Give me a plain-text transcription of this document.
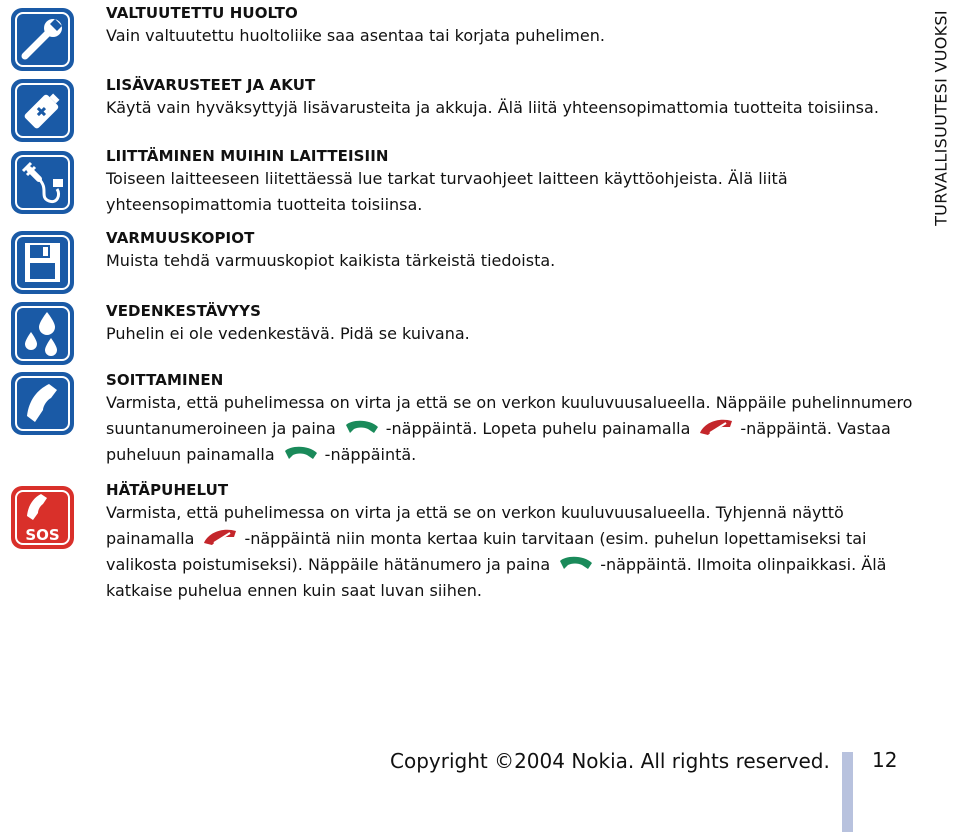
TURVALLISUUTESI VUOKSI
SOS
VALTUUTETTU HUOLTO
Vain valtuutettu huoltoliike saa asentaa tai korjata puhelimen.
LISÄVARUSTEET JA AKUT
Käytä vain hyväksyttyjä lisävarusteita ja akkuja. Älä liitä yhteensopimattomia tuotteita toisiinsa.
LIITTÄMINEN MUIHIN LAITTEISIIN
Toiseen laitteeseen liitettäessä lue tarkat turvaohjeet laitteen käyttöohjeista. Älä liitä yhteensopimattomia tuotteita toisiinsa.
VARMUUSKOPIOT
Muista tehdä varmuuskopiot kaikista tärkeistä tiedoista.
VEDENKESTÄVYYS
Puhelin ei ole vedenkestävä. Pidä se kuivana.
SOITTAMINEN
Varmista, että puhelimessa on virta ja että se on verkon kuuluvuusalueella. Näppäile puhelinnumero suuntanumeroineen ja paina	-näppäintä. Lopeta puhelu painamalla	-näppäintä. Vastaa puheluun painamalla	-näppäintä.
HÄTÄPUHELUT
Varmista, että puhelimessa on virta ja että se on verkon kuuluvuusalueella. Tyhjennä näyttö painamalla	-näppäintä niin monta kertaa kuin tarvitaan (esim. puhelun lopettamiseksi tai valikosta poistumiseksi). Näppäile hätänumero ja paina	-näppäintä. Ilmoita olinpaikkasi. Älä katkaise puhelua ennen kuin saat luvan siihen.
Copyright ©2004 Nokia. All rights reserved. 12
